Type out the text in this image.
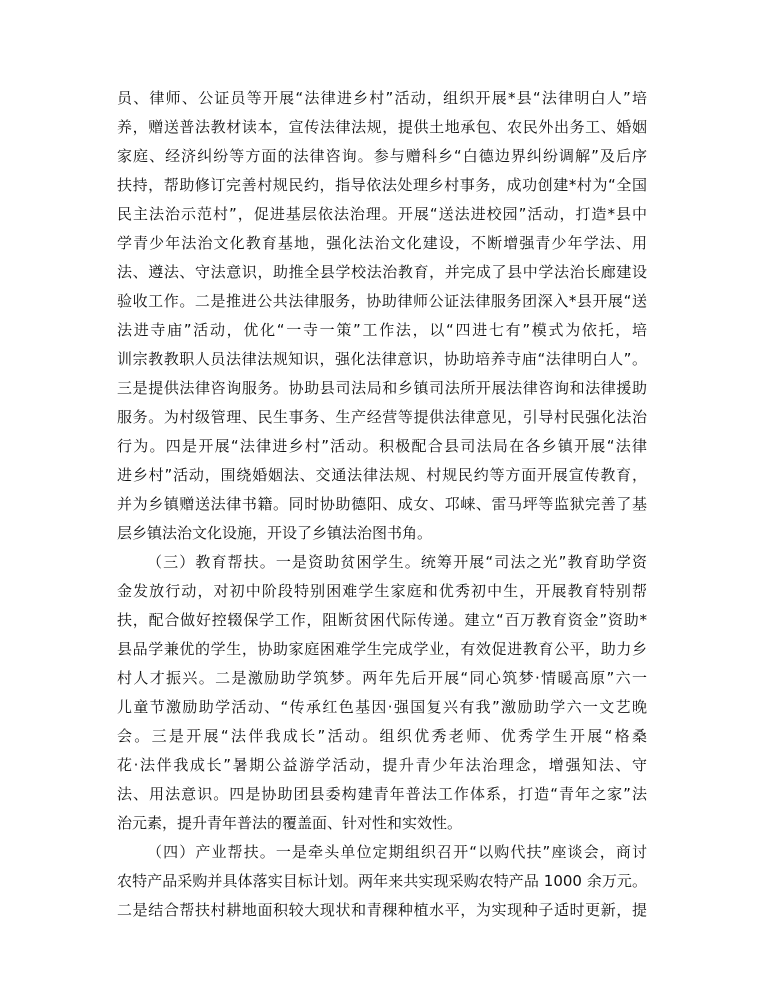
员、律师、公证员等开展“法律进乡村”活动，组织开展*县“法律明白人”培
养，赠送普法教材读本，宣传法律法规，提供土地承包、农民外出务工、婚姻
家庭、经济纠纷等方面的法律咨询。参与赠科乡“白德边界纠纷调解”及后序
扶持，帮助修订完善村规民约，指导依法处理乡村事务，成功创建*村为“全国
民主法治示范村”，促进基层依法治理。开展“送法进校园”活动，打造*县中
学青少年法治文化教育基地，强化法治文化建设，不断增强青少年学法、用
法、遵法、守法意识，助推全县学校法治教育，并完成了县中学法治长廊建设
验收工作。二是推进公共法律服务，协助律师公证法律服务团深入*县开展“送
法进寺庙”活动，优化“一寺一策”工作法，以“四进七有”模式为依托，培
训宗教教职人员法律法规知识，强化法律意识，协助培养寺庙“法律明白人”。
三是提供法律咨询服务。协助县司法局和乡镇司法所开展法律咨询和法律援助
服务。为村级管理、民生事务、生产经营等提供法律意见，引导村民强化法治
行为。四是开展“法律进乡村”活动。积极配合县司法局在各乡镇开展“法律
进乡村”活动，围绕婚姻法、交通法律法规、村规民约等方面开展宣传教育，
并为乡镇赠送法律书籍。同时协助德阳、成女、邛崃、雷马坪等监狱完善了基
层乡镇法治文化设施，开设了乡镇法治图书角。
（三）教育帮扶。一是资助贫困学生。统筹开展“司法之光”教育助学资
金发放行动，对初中阶段特别困难学生家庭和优秀初中生，开展教育特别帮
扶，配合做好控辍保学工作，阻断贫困代际传递。建立“百万教育资金”资助*
县品学兼优的学生，协助家庭困难学生完成学业，有效促进教育公平，助力乡
村人才振兴。二是激励助学筑梦。两年先后开展“同心筑梦·情暖高原”六一
儿童节激励助学活动、“传承红色基因·强国复兴有我”激励助学六一文艺晚
会。三是开展“法伴我成长”活动。组织优秀老师、优秀学生开展“格桑
花·法伴我成长”暑期公益游学活动，提升青少年法治理念，增强知法、守
法、用法意识。四是协助团县委构建青年普法工作体系，打造“青年之家”法
治元素，提升青年普法的覆盖面、针对性和实效性。
（四）产业帮扶。一是牵头单位定期组织召开“以购代扶”座谈会，商讨
农特产品采购并具体落实目标计划。两年来共实现采购农特产品 1000 余万元。
二是结合帮扶村耕地面积较大现状和青稞种植水平，为实现种子适时更新，提
